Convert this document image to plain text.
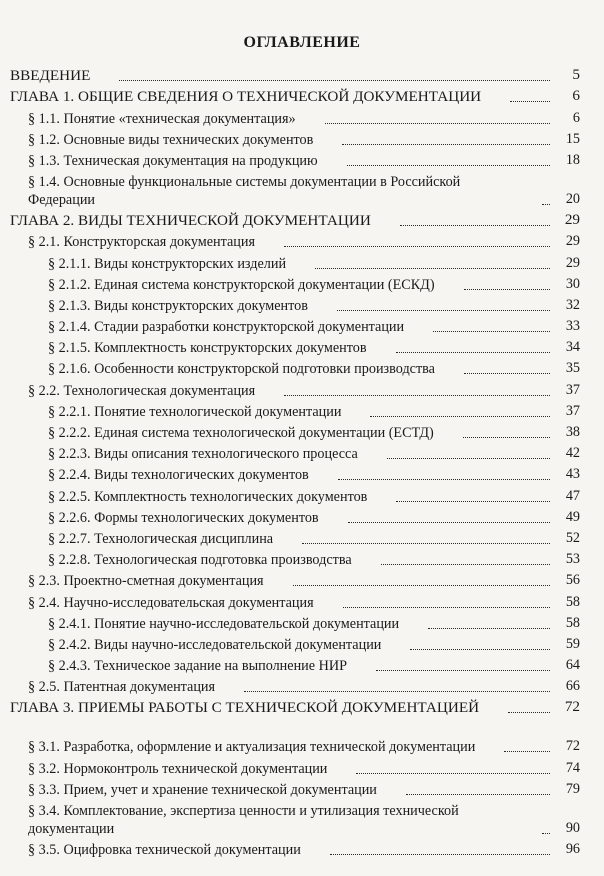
ОГЛАВЛЕНИЕ
ВВЕДЕНИЕ	5
ГЛАВА 1. ОБЩИЕ СВЕДЕНИЯ О ТЕХНИЧЕСКОЙ ДОКУМЕНТАЦИИ	6
§ 1.1. Понятие «техническая документация»	6
§ 1.2. Основные виды технических документов	15
§ 1.3. Техническая документация на продукцию	18
§ 1.4. Основные функциональные системы документации в Российской Федерации	20
ГЛАВА 2. ВИДЫ ТЕХНИЧЕСКОЙ ДОКУМЕНТАЦИИ	29
§ 2.1. Конструкторская документация	29
§ 2.1.1. Виды конструкторских изделий	29
§ 2.1.2. Единая система конструкторской документации (ЕСКД)	30
§ 2.1.3. Виды конструкторских документов	32
§ 2.1.4. Стадии разработки конструкторской документации	33
§ 2.1.5. Комплектность конструкторских документов	34
§ 2.1.6. Особенности конструкторской подготовки производства	35
§ 2.2. Технологическая документация	37
§ 2.2.1. Понятие технологической документации	37
§ 2.2.2. Единая система технологической документации (ЕСТД)	38
§ 2.2.3. Виды описания технологического процесса	42
§ 2.2.4. Виды технологических документов	43
§ 2.2.5. Комплектность технологических документов	47
§ 2.2.6. Формы технологических документов	49
§ 2.2.7. Технологическая дисциплина	52
§ 2.2.8. Технологическая подготовка производства	53
§ 2.3. Проектно-сметная документация	56
§ 2.4. Научно-исследовательская документация	58
§ 2.4.1. Понятие научно-исследовательской документации	58
§ 2.4.2. Виды научно-исследовательской документации	59
§ 2.4.3. Техническое задание на выполнение НИР	64
§ 2.5. Патентная документация	66
ГЛАВА 3. ПРИЕМЫ РАБОТЫ С ТЕХНИЧЕСКОЙ ДОКУМЕНТАЦИЕЙ	72
§ 3.1. Разработка, оформление и актуализация технической документации	72
§ 3.2. Нормоконтроль технической документации	74
§ 3.3. Прием, учет и хранение технической документации	79
§ 3.4. Комплектование, экспертиза ценности и утилизация технической документации	90
§ 3.5. Оцифровка технической документации	96
